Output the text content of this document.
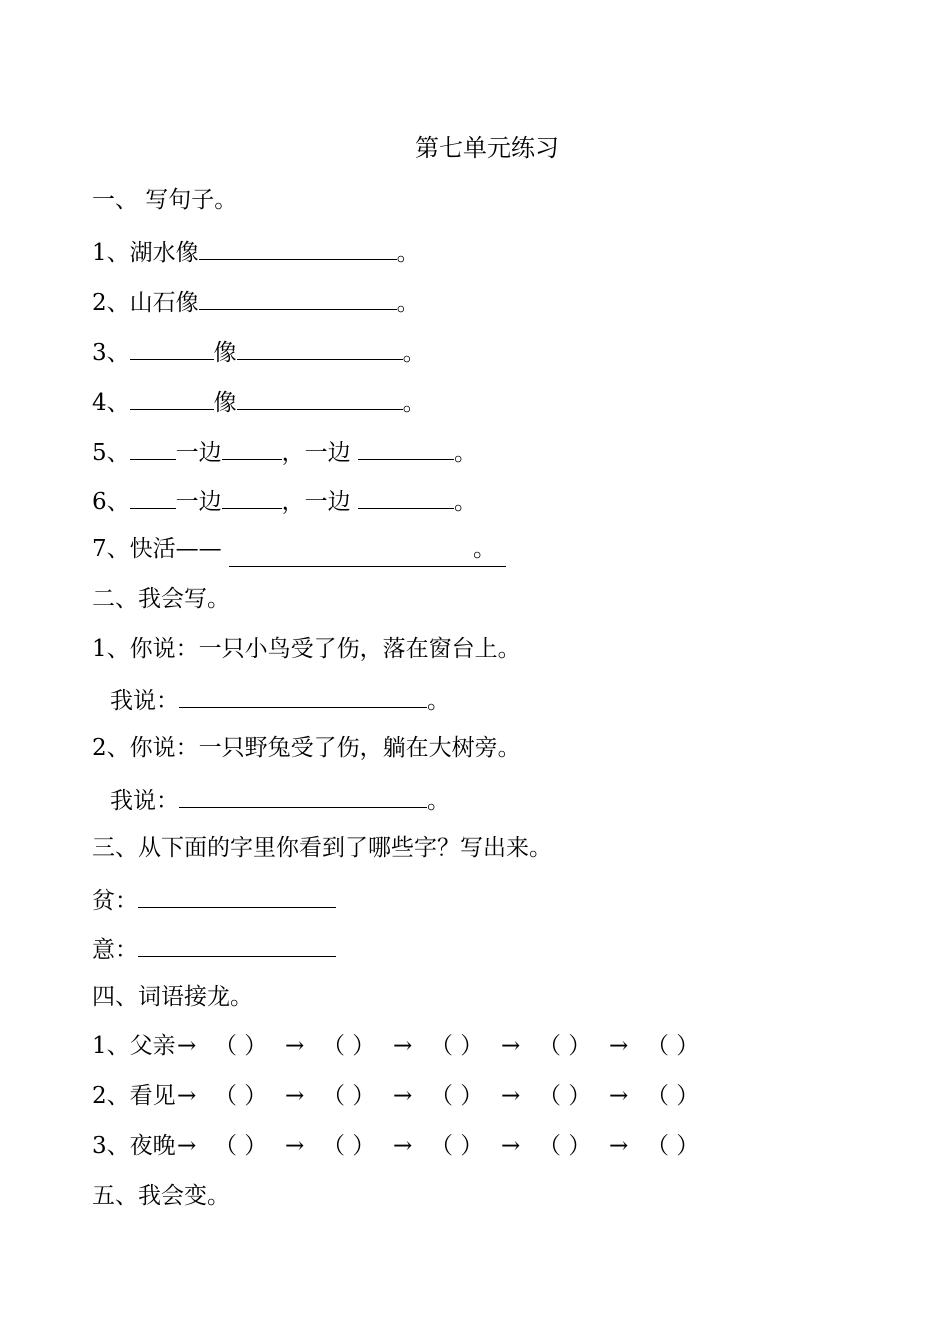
第七单元练习
一、 写句子。
1、湖水像	。
2、山石像	。
3、	像	。
4、	像	。
5、 一边	，一边	。
6、 一边	，一边	。
7、快活——	。
二、我会写。
1、你说：一只小鸟受了伤，落在窗台上。
我说：	。
2、你说：一只野兔受了伤，躺在大树旁。
我说：	。
三、从下面的字里你看到了哪些字？写出来。
贫：
意：
四、词语接龙。
1、父亲→ （ ） → （ ） → （ ） → （ ） → （ ）
2、看见→ （ ） → （ ） → （ ） → （ ） → （ ）
3、夜晚→ （ ） → （ ） → （ ） → （ ） → （ ）
五、我会变。
